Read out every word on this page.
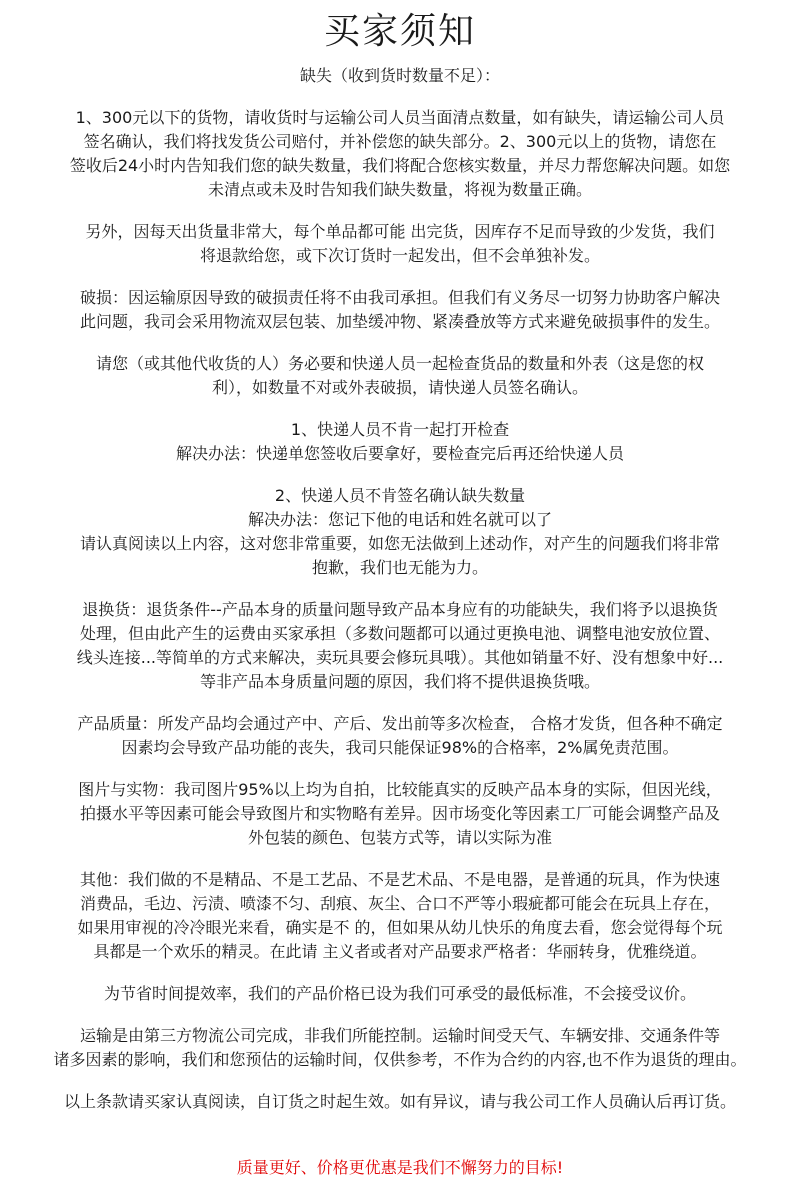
买家须知
缺失（收到货时数量不足）：
1、300元以下的货物，请收货时与运输公司人员当面清点数量，如有缺失，请运输公司人员
签名确认，我们将找发货公司赔付，并补偿您的缺失部分。2、300元以上的货物，请您在
签收后24小时内告知我们您的缺失数量，我们将配合您核实数量，并尽力帮您解决问题。如您
未清点或未及时告知我们缺失数量，将视为数量正确。
另外，因每天出货量非常大，每个单品都可能 出完货，因库存不足而导致的少发货，我们
将退款给您，或下次订货时一起发出，但不会单独补发。
破损：因运输原因导致的破损责任将不由我司承担。但我们有义务尽一切努力协助客户解决
此问题，我司会采用物流双层包装、加垫缓冲物、紧凑叠放等方式来避免破损事件的发生。
请您（或其他代收货的人）务必要和快递人员一起检查货品的数量和外表（这是您的权
利），如数量不对或外表破损，请快递人员签名确认。
1、快递人员不肯一起打开检查
解决办法：快递单您签收后要拿好，要检查完后再还给快递人员
2、快递人员不肯签名确认缺失数量
解决办法：您记下他的电话和姓名就可以了
请认真阅读以上内容，这对您非常重要，如您无法做到上述动作，对产生的问题我们将非常
抱歉，我们也无能为力。
退换货：退货条件--产品本身的质量问题导致产品本身应有的功能缺失，我们将予以退换货
处理，但由此产生的运费由买家承担（多数问题都可以通过更换电池、调整电池安放位置、
线头连接...等简单的方式来解决，卖玩具要会修玩具哦）。其他如销量不好、没有想象中好...
等非产品本身质量问题的原因，我们将不提供退换货哦。
产品质量：所发产品均会通过产中、产后、发出前等多次检查， 合格才发货，但各种不确定
因素均会导致产品功能的丧失，我司只能保证98%的合格率，2%属免责范围。
图片与实物：我司图片95%以上均为自拍，比较能真实的反映产品本身的实际，但因光线，
拍摄水平等因素可能会导致图片和实物略有差异。因市场变化等因素工厂可能会调整产品及
外包装的颜色、包装方式等，请以实际为准
其他：我们做的不是精品、不是工艺品、不是艺术品、不是电器，是普通的玩具，作为快速
消费品，毛边、污渍、喷漆不匀、刮痕、灰尘、合口不严等小瑕疵都可能会在玩具上存在，
如果用审视的冷冷眼光来看，确实是不 的，但如果从幼儿快乐的角度去看，您会觉得每个玩
具都是一个欢乐的精灵。在此请 主义者或者对产品要求严格者：华丽转身，优雅绕道。
为节省时间提效率，我们的产品价格已设为我们可承受的最低标准，不会接受议价。
运输是由第三方物流公司完成，非我们所能控制。运输时间受天气、车辆安排、交通条件等
诸多因素的影响，我们和您预估的运输时间，仅供参考，不作为合约的内容,也不作为退货的理由。
以上条款请买家认真阅读，自订货之时起生效。如有异议，请与我公司工作人员确认后再订货。
质量更好、价格更优惠是我们不懈努力的目标!
